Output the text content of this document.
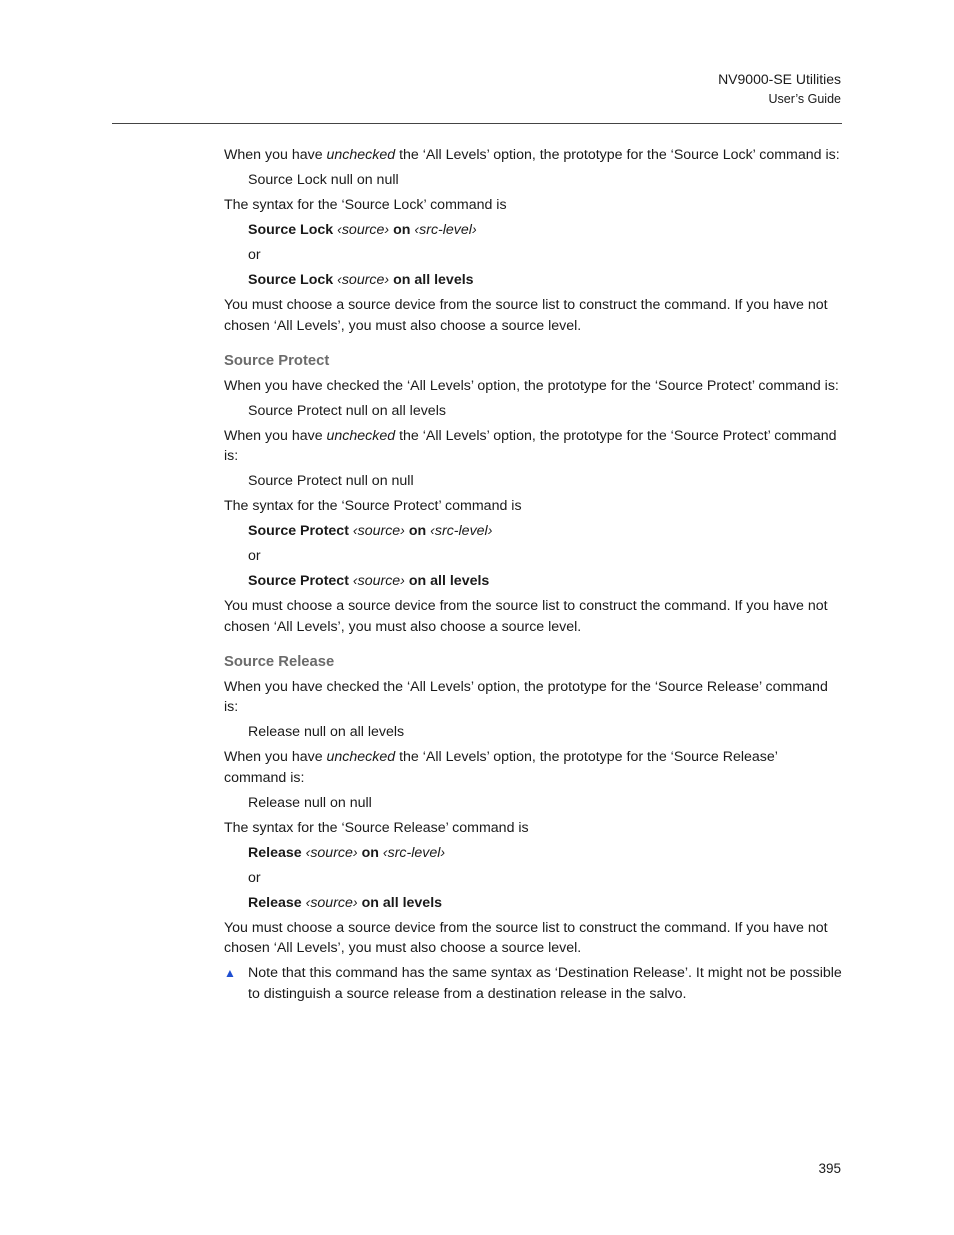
NV9000-SE Utilities
User’s Guide

When you have unchecked the ‘All Levels’ option, the prototype for the ‘Source Lock’ command is:

Source Lock null on null

The syntax for the ‘Source Lock’ command is

Source Lock ‹source› on ‹src-level›

or

Source Lock ‹source› on all levels

You must choose a source device from the source list to construct the command. If you have not chosen ‘All Levels’, you must also choose a source level.

Source Protect

When you have checked the ‘All Levels’ option, the prototype for the ‘Source Protect’ command is:

Source Protect null on all levels

When you have unchecked the ‘All Levels’ option, the prototype for the ‘Source Protect’ command is:

Source Protect null on null

The syntax for the ‘Source Protect’ command is

Source Protect ‹source› on ‹src-level›

or

Source Protect ‹source› on all levels

You must choose a source device from the source list to construct the command. If you have not chosen ‘All Levels’, you must also choose a source level.

Source Release

When you have checked the ‘All Levels’ option, the prototype for the ‘Source Release’ command is:

Release null on all levels

When you have unchecked the ‘All Levels’ option, the prototype for the ‘Source Release’ command is:

Release null on null

The syntax for the ‘Source Release’ command is

Release ‹source› on ‹src-level›

or

Release ‹source› on all levels

You must choose a source device from the source list to construct the command. If you have not chosen ‘All Levels’, you must also choose a source level.

▲ Note that this command has the same syntax as ‘Destination Release’. It might not be possible to distinguish a source release from a destination release in the salvo.
395
